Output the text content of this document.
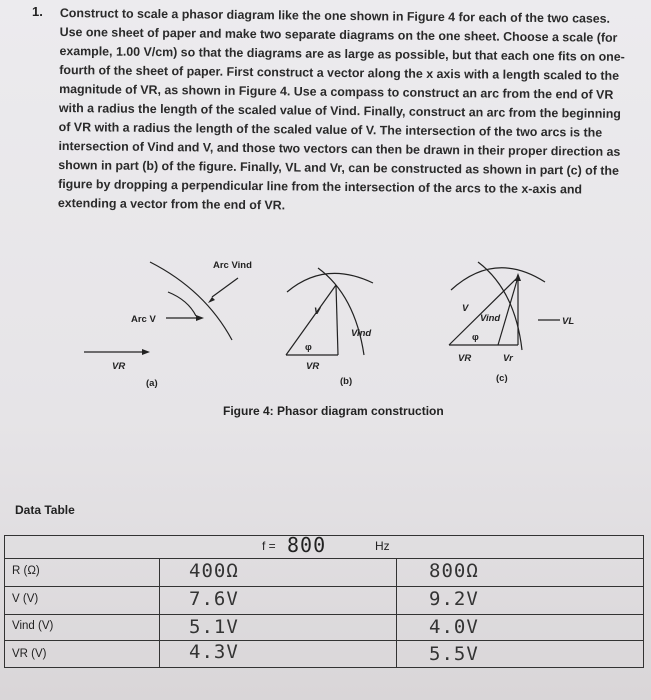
1. Construct to scale a phasor diagram like the one shown in Figure 4 for each of the two cases. Use one sheet of paper and make two separate diagrams on the one sheet. Choose a scale (for example, 1.00 V/cm) so that the diagrams are as large as possible, but that each one fits on one-fourth of the sheet of paper. First construct a vector along the x axis with a length scaled to the magnitude of VR, as shown in Figure 4. Use a compass to construct an arc from the end of VR with a radius the length of the scaled value of Vind. Finally, construct an arc from the beginning of VR with a radius the length of the scaled value of V. The intersection of the two arcs is the intersection of Vind and V, and those two vectors can then be drawn in their proper direction as shown in part (b) of the figure. Finally, VL and Vr, can be constructed as shown in part (c) of the figure by dropping a perpendicular line from the intersection of the arcs to the x-axis and extending a vector from the end of VR.
Arc Vind
Arc V
VR
(a)
V
Vind
φ
VR
(b)
V
Vind
φ
VR	Vr
VL
(c)
Figure 4: Phasor diagram construction
Data Table
f = 800	Hz
R (Ω)
V (V)
Vind (V)
VR (V)
400Ω
7.6V
5.1V
4.3V
800Ω
9.2V
4.0V
5.5V
